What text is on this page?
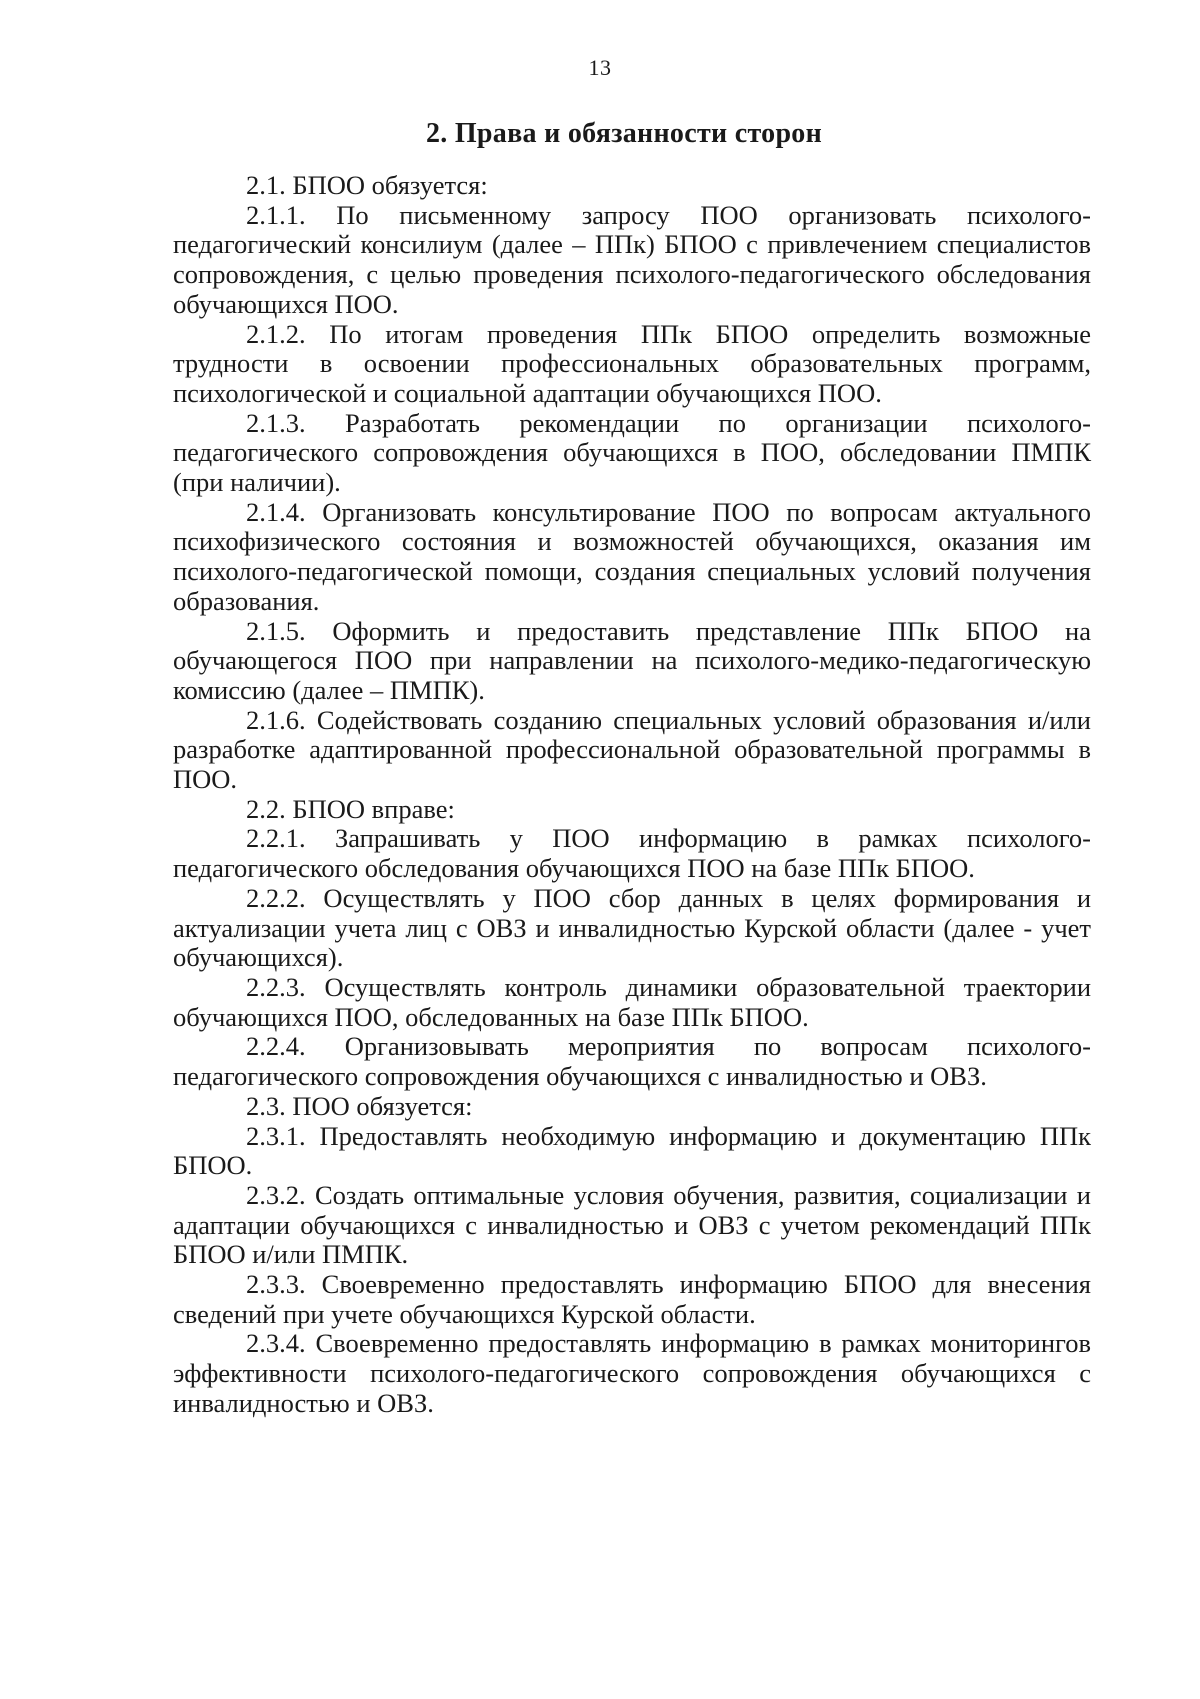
13
2. Права и обязанности сторон

2.1. БПОО обязуется:

2.1.1. По письменному запросу ПОО организовать психолого-педагогический консилиум (далее – ППк) БПОО с привлечением специалистов сопровождения, с целью проведения психолого-педагогического обследования обучающихся ПОО.

2.1.2. По итогам проведения ППк БПОО определить возможные трудности в освоении профессиональных образовательных программ, психологической и социальной адаптации обучающихся ПОО.

2.1.3. Разработать рекомендации по организации психолого-педагогического сопровождения обучающихся в ПОО, обследовании ПМПК (при наличии).

2.1.4. Организовать консультирование ПОО по вопросам актуального психофизического состояния и возможностей обучающихся, оказания им психолого-педагогической помощи, создания специальных условий получения образования.

2.1.5. Оформить и предоставить представление ППк БПОО на обучающегося ПОО при направлении на психолого-медико-педагогическую комиссию (далее – ПМПК).

2.1.6. Содействовать созданию специальных условий образования и/или разработке адаптированной профессиональной образовательной программы в ПОО.

2.2. БПОО вправе:

2.2.1. Запрашивать у ПОО информацию в рамках психолого-педагогического обследования обучающихся ПОО на базе ППк БПОО.

2.2.2. Осуществлять у ПОО сбор данных в целях формирования и актуализации учета лиц с ОВЗ и инвалидностью Курской области (далее - учет обучающихся).

2.2.3. Осуществлять контроль динамики образовательной траектории обучающихся ПОО, обследованных на базе ППк БПОО.

2.2.4. Организовывать мероприятия по вопросам психолого-педагогического сопровождения обучающихся с инвалидностью и ОВЗ.

2.3. ПОО обязуется:

2.3.1. Предоставлять необходимую информацию и документацию ППк БПОО.

2.3.2. Создать оптимальные условия обучения, развития, социализации и адаптации обучающихся с инвалидностью и ОВЗ с учетом рекомендаций ППк БПОО и/или ПМПК.

2.3.3. Своевременно предоставлять информацию БПОО для внесения сведений при учете обучающихся Курской области.

2.3.4. Своевременно предоставлять информацию в рамках мониторингов эффективности психолого-педагогического сопровождения обучающихся с инвалидностью и ОВЗ.
